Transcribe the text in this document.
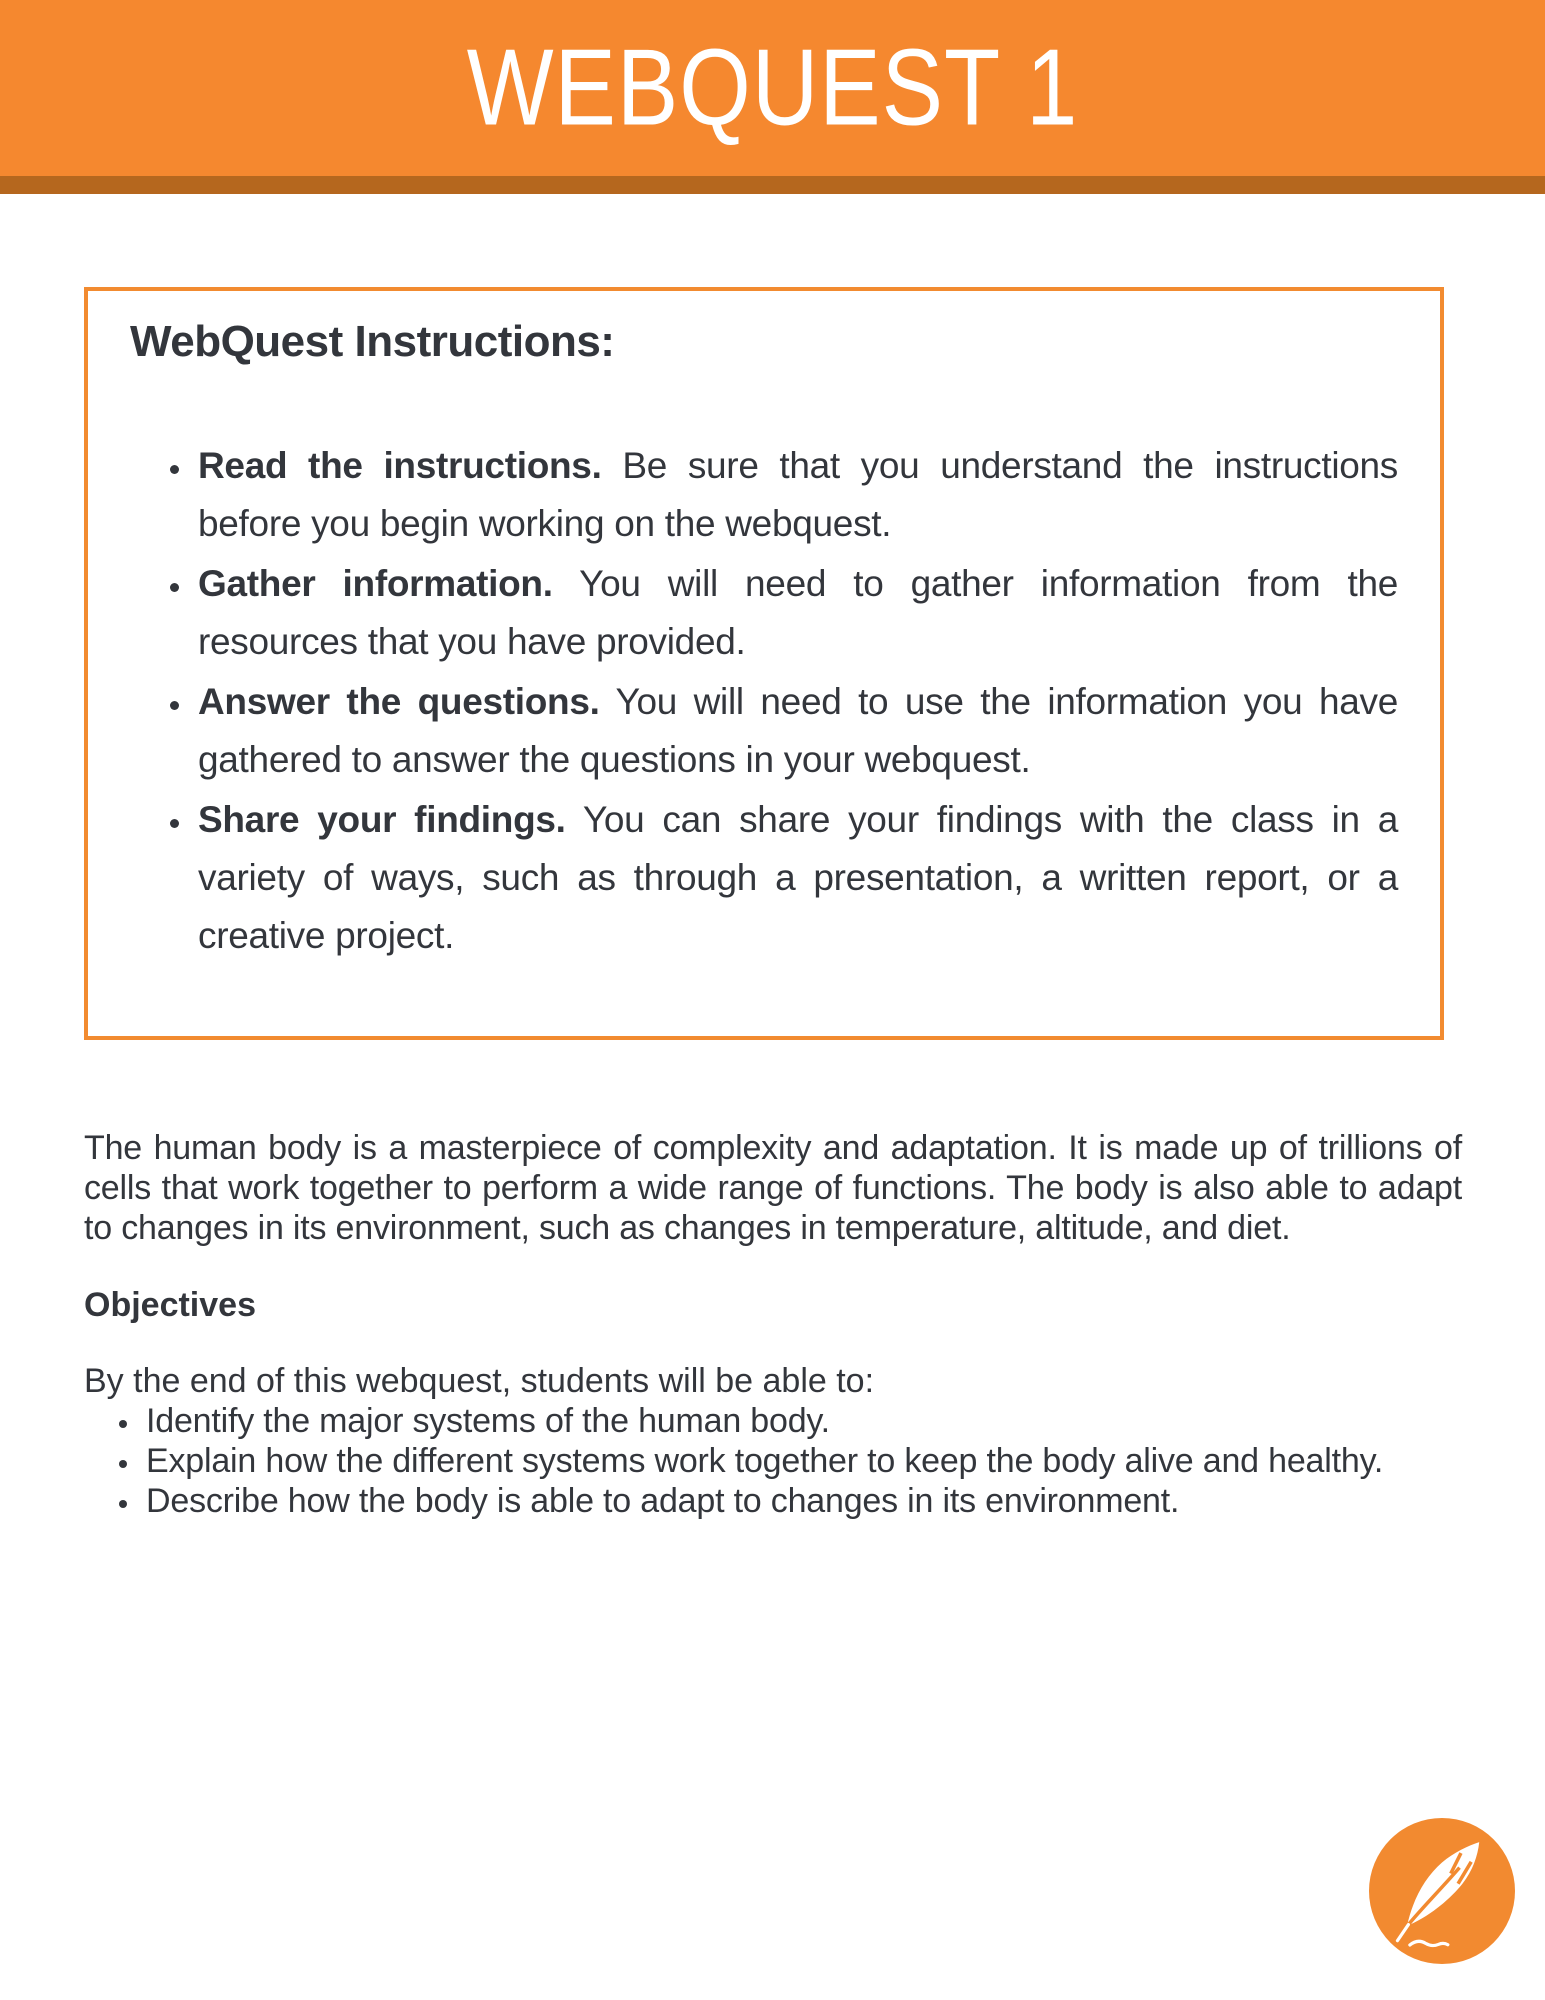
WEBQUEST 1
WebQuest Instructions:
• Read the instructions. Be sure that you understand the instructions before you begin working on the webquest.
• Gather information. You will need to gather information from the resources that you have provided.
• Answer the questions. You will need to use the information you have gathered to answer the questions in your webquest.
• Share your findings. You can share your findings with the class in a variety of ways, such as through a presentation, a written report, or a creative project.

The human body is a masterpiece of complexity and adaptation. It is made up of trillions of cells that work together to perform a wide range of functions. The body is also able to adapt to changes in its environment, such as changes in temperature, altitude, and diet.

Objectives

By the end of this webquest, students will be able to:

• Identify the major systems of the human body.
• Explain how the different systems work together to keep the body alive and healthy.
• Describe how the body is able to adapt to changes in its environment.
